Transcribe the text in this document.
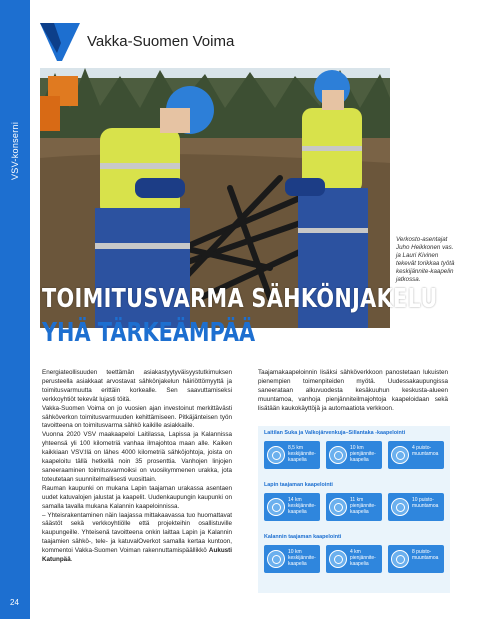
VSV-konserni
24
Vakka-Suomen Voima
Verkosto-asentajat Juho Heikkonen vas. ja Lauri Kivinen tekevät torikkaa työtä keskijännite-kaapelin jatkossa.
TOIMITUSVARMA SÄHKÖNJAKELU
YHÄ TÄRKEÄMPÄÄ

Energiateollisuuden teettämän asiakastyytyväisyystutkimuksen perusteella asiakkaat arvostavat sähkönjakelun häiriöttömyyttä ja toimitusvarmuutta erittäin korkealle. Sen saavuttamiseksi verkkoyhtiöt tekevät lujasti töitä.

Vakka-Suomen Voima on jo vuosien ajan investoinut merkittävästi sähköverkon toimitusvarmuuden kehittämiseen. Pitkäjänteisen työn tavoitteena on toimitusvarma sähkö kaikille asiakkaille.

Vuonna 2020 VSV maakaapeloi Laitilassa, Lapissa ja Kalannissa yhteensä yli 100 kilometriä vanhaa ilmajohtoa maan alle. Kaiken kaikkiaan VSV:llä on lähes 4000 kilometriä sähköjohtoja, joista on kaapeloitu tällä hetkellä noin 35 prosenttia. Vanhojen linjojen saneeraaminen toimitusvarmoiksi on vuosikymmenen urakka, jota toteutetaan suunnitelmallisesti vuosittain.

Rauman kaupunki on mukana Lapin taajaman urakassa asentaen uudet katuvalojen jalustat ja kaapelit. Uudenkaupungin kaupunki on samalla tavalla mukana Kalannin kaapeloinnissa.

– Yhteisrakentaminen näin laajassa mittakaavassa tuo huomattavat säästöt sekä verkkoyhtiölle että projekteihin osallistuville kaupungeille. Yhteisenä tavoitteena onkin laittaa Lapin ja Kalannin taajamien sähkö-, tele- ja katuvalOverkot samalla kertaa kuntoon, kommentoi Vakka-Suomen Voiman rakennuttamispäällikkö Aukusti Katunpää.

Taajamakaapeloinnin lisäksi sähköverkkoon panostetaan lukuisten pienempien toimenpiteiden myötä. Uudessakaupungissa saneerataan alkuvuodesta kesäkuuhun keskusta-alueen muuntamoa, vanhoja pienjänniteilmajohtoja kaapeloidaan sekä lisätään kaukokäyttöjä ja automaatiota verkkoon.

Laitilan Suka ja Valkojärvenkuja–Sillantaka -kaapelointi
8,5 km keskijännite-kaapelia
10 km pienjännite-kaapelia
4 puisto-muuntamoa
Lapin taajaman kaapelointi
14 km keskijännite-kaapelia
11 km pienjännite-kaapelia
10 puisto-muuntamoa
Kalannin taajaman kaapelointi
10 km keskijännite-kaapelia
4 km pienjännite-kaapelia
8 puisto-muuntamoa
